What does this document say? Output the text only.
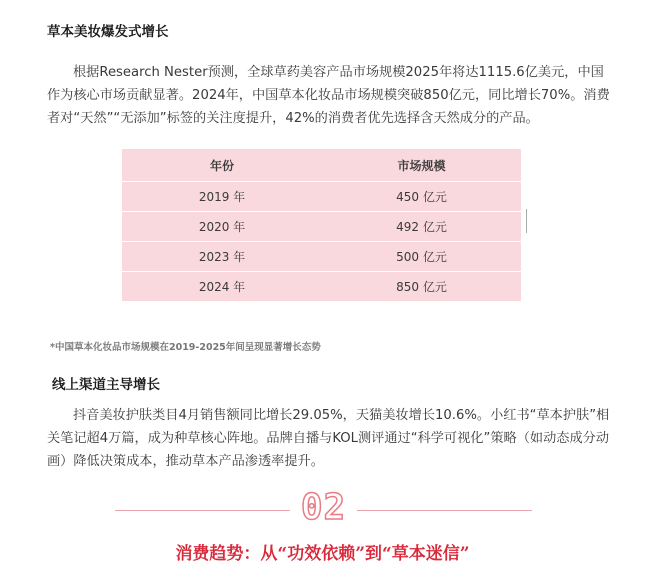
草本美妆爆发式增长

根据Research Nester预测，全球草药美容产品市场规模2025年将达1115.6亿美元，中国

作为核心市场贡献显著。2024年，中国草本化妆品市场规模突破850亿元，同比增长70%。消费

者对“天然”“无添加”标签的关注度提升，42%的消费者优先选择含天然成分的产品。

年份	市场规模
2019 年	450 亿元
2020 年	492 亿元
2023 年	500 亿元
2024 年	850 亿元
*中国草本化妆品市场规模在2019-2025年间呈现显著增长态势
线上渠道主导增长

抖音美妆护肤类目4月销售额同比增长29.05%，天猫美妆增长10.6%。小红书“草本护肤”相

关笔记超4万篇，成为种草核心阵地。品牌自播与KOL测评通过“科学可视化”策略（如动态成分动

画）降低决策成本，推动草本产品渗透率提升。

02
消费趋势：从“功效依赖”到“草本迷信”
